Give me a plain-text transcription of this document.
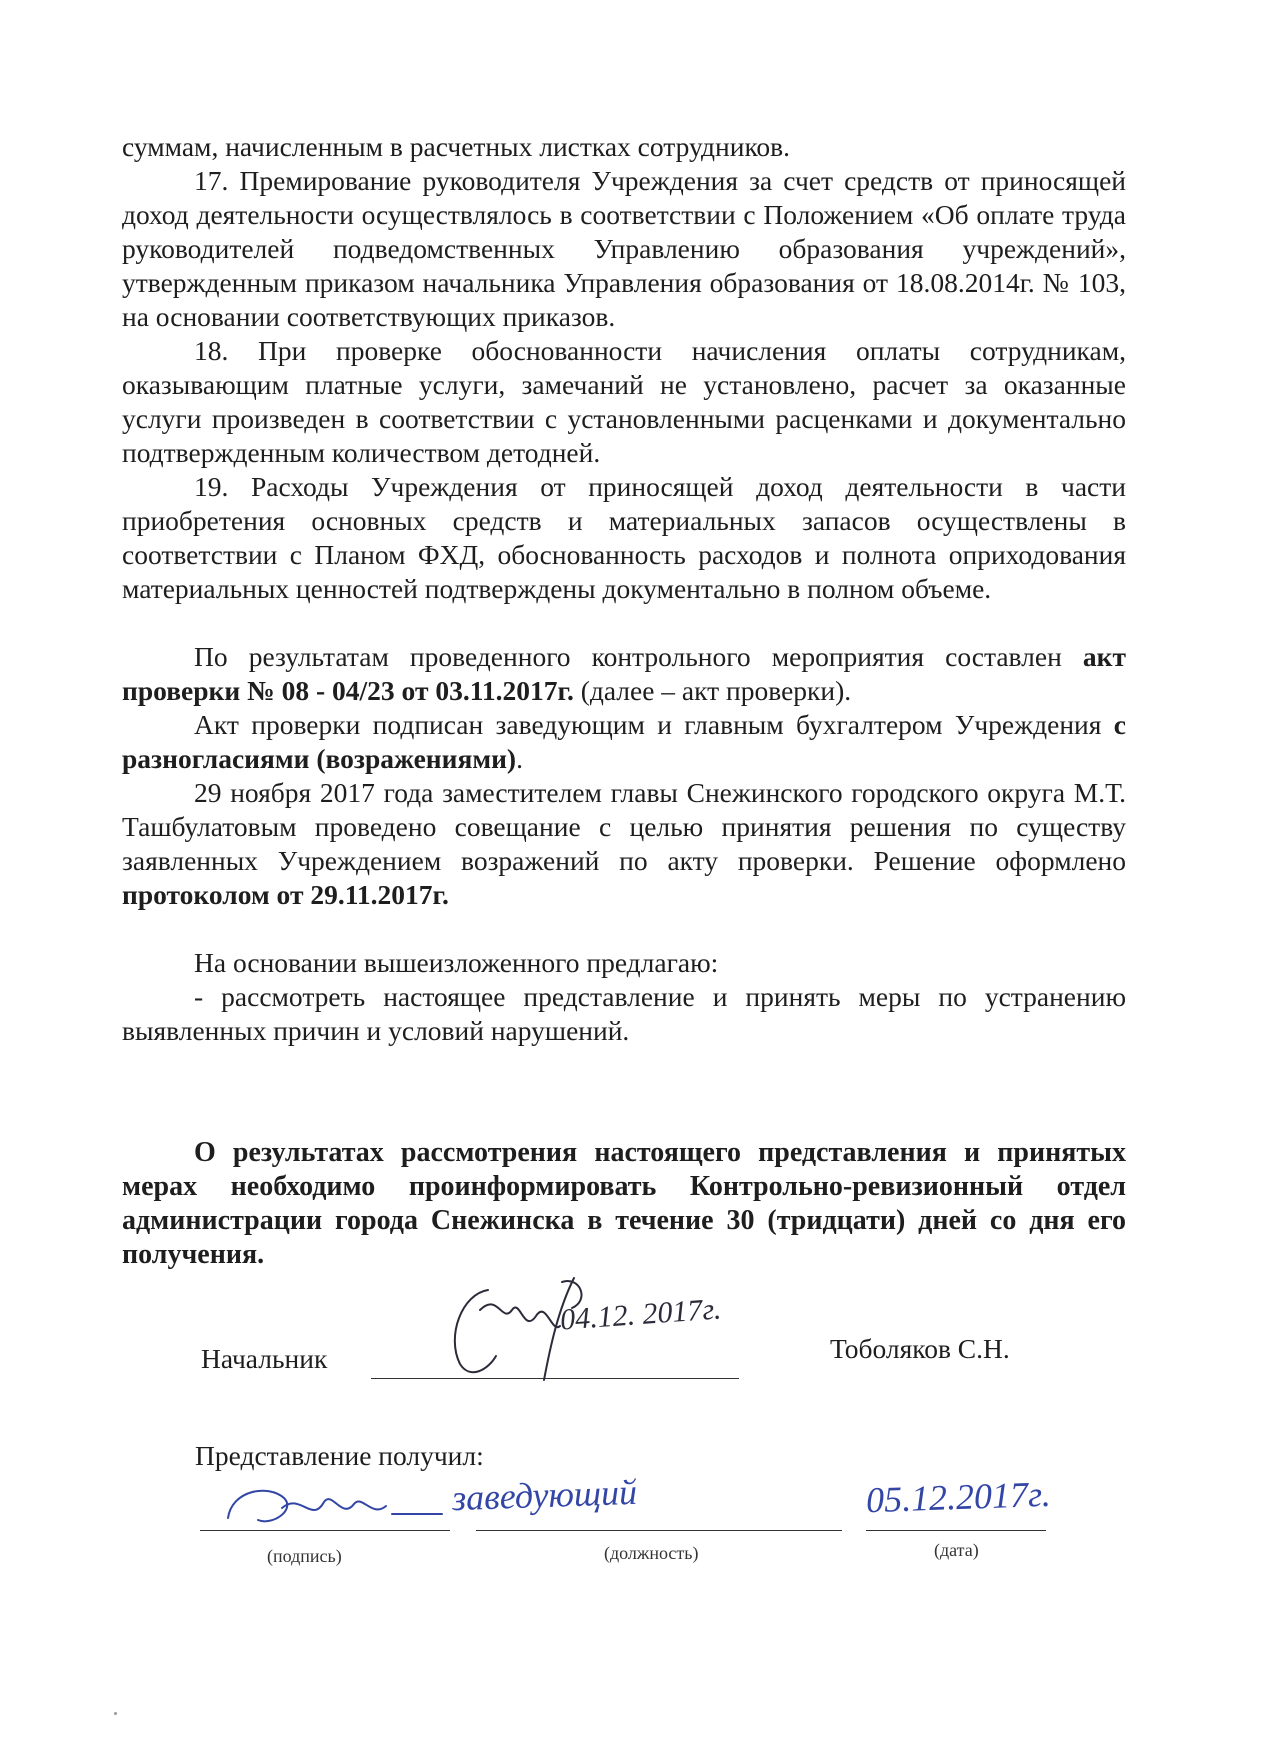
суммам, начисленным в расчетных листках сотрудников.

17. Премирование руководителя Учреждения за счет средств от приносящей доход деятельности осуществлялось в соответствии с Положением «Об оплате труда руководителей подведомственных Управлению образования учреждений», утвержденным приказом начальника Управления образования от 18.08.2014г. № 103, на основании соответствующих приказов.

18. При проверке обоснованности начисления оплаты сотрудникам, оказывающим платные услуги, замечаний не установлено, расчет за оказанные услуги произведен в соответствии с установленными расценками и документально подтвержденным количеством детодней.

19. Расходы Учреждения от приносящей доход деятельности в части приобретения основных средств и материальных запасов осуществлены в соответствии с Планом ФХД, обоснованность расходов и полнота оприходования материальных ценностей подтверждены документально в полном объеме.

По результатам проведенного контрольного мероприятия составлен акт проверки № 08 - 04/23 от 03.11.2017г. (далее – акт проверки).

Акт проверки подписан заведующим и главным бухгалтером Учреждения с разногласиями (возражениями).

29 ноября 2017 года заместителем главы Снежинского городского округа М.Т. Ташбулатовым проведено совещание с целью принятия решения по существу заявленных Учреждением возражений по акту проверки. Решение оформлено протоколом от 29.11.2017г.

На основании вышеизложенного предлагаю:

- рассмотреть настоящее представление и принять меры по устранению выявленных причин и условий нарушений.

О результатах рассмотрения настоящего представления и принятых мерах необходимо проинформировать Контрольно-ревизионный отдел администрации города Снежинска в течение 30 (тридцати) дней со дня его получения.
Начальник	Тоболяков С.Н.
04.12. 2017г.
Представление получил:
заведующий	05.12.2017г.
(подпись)	(должность)	(дата)
